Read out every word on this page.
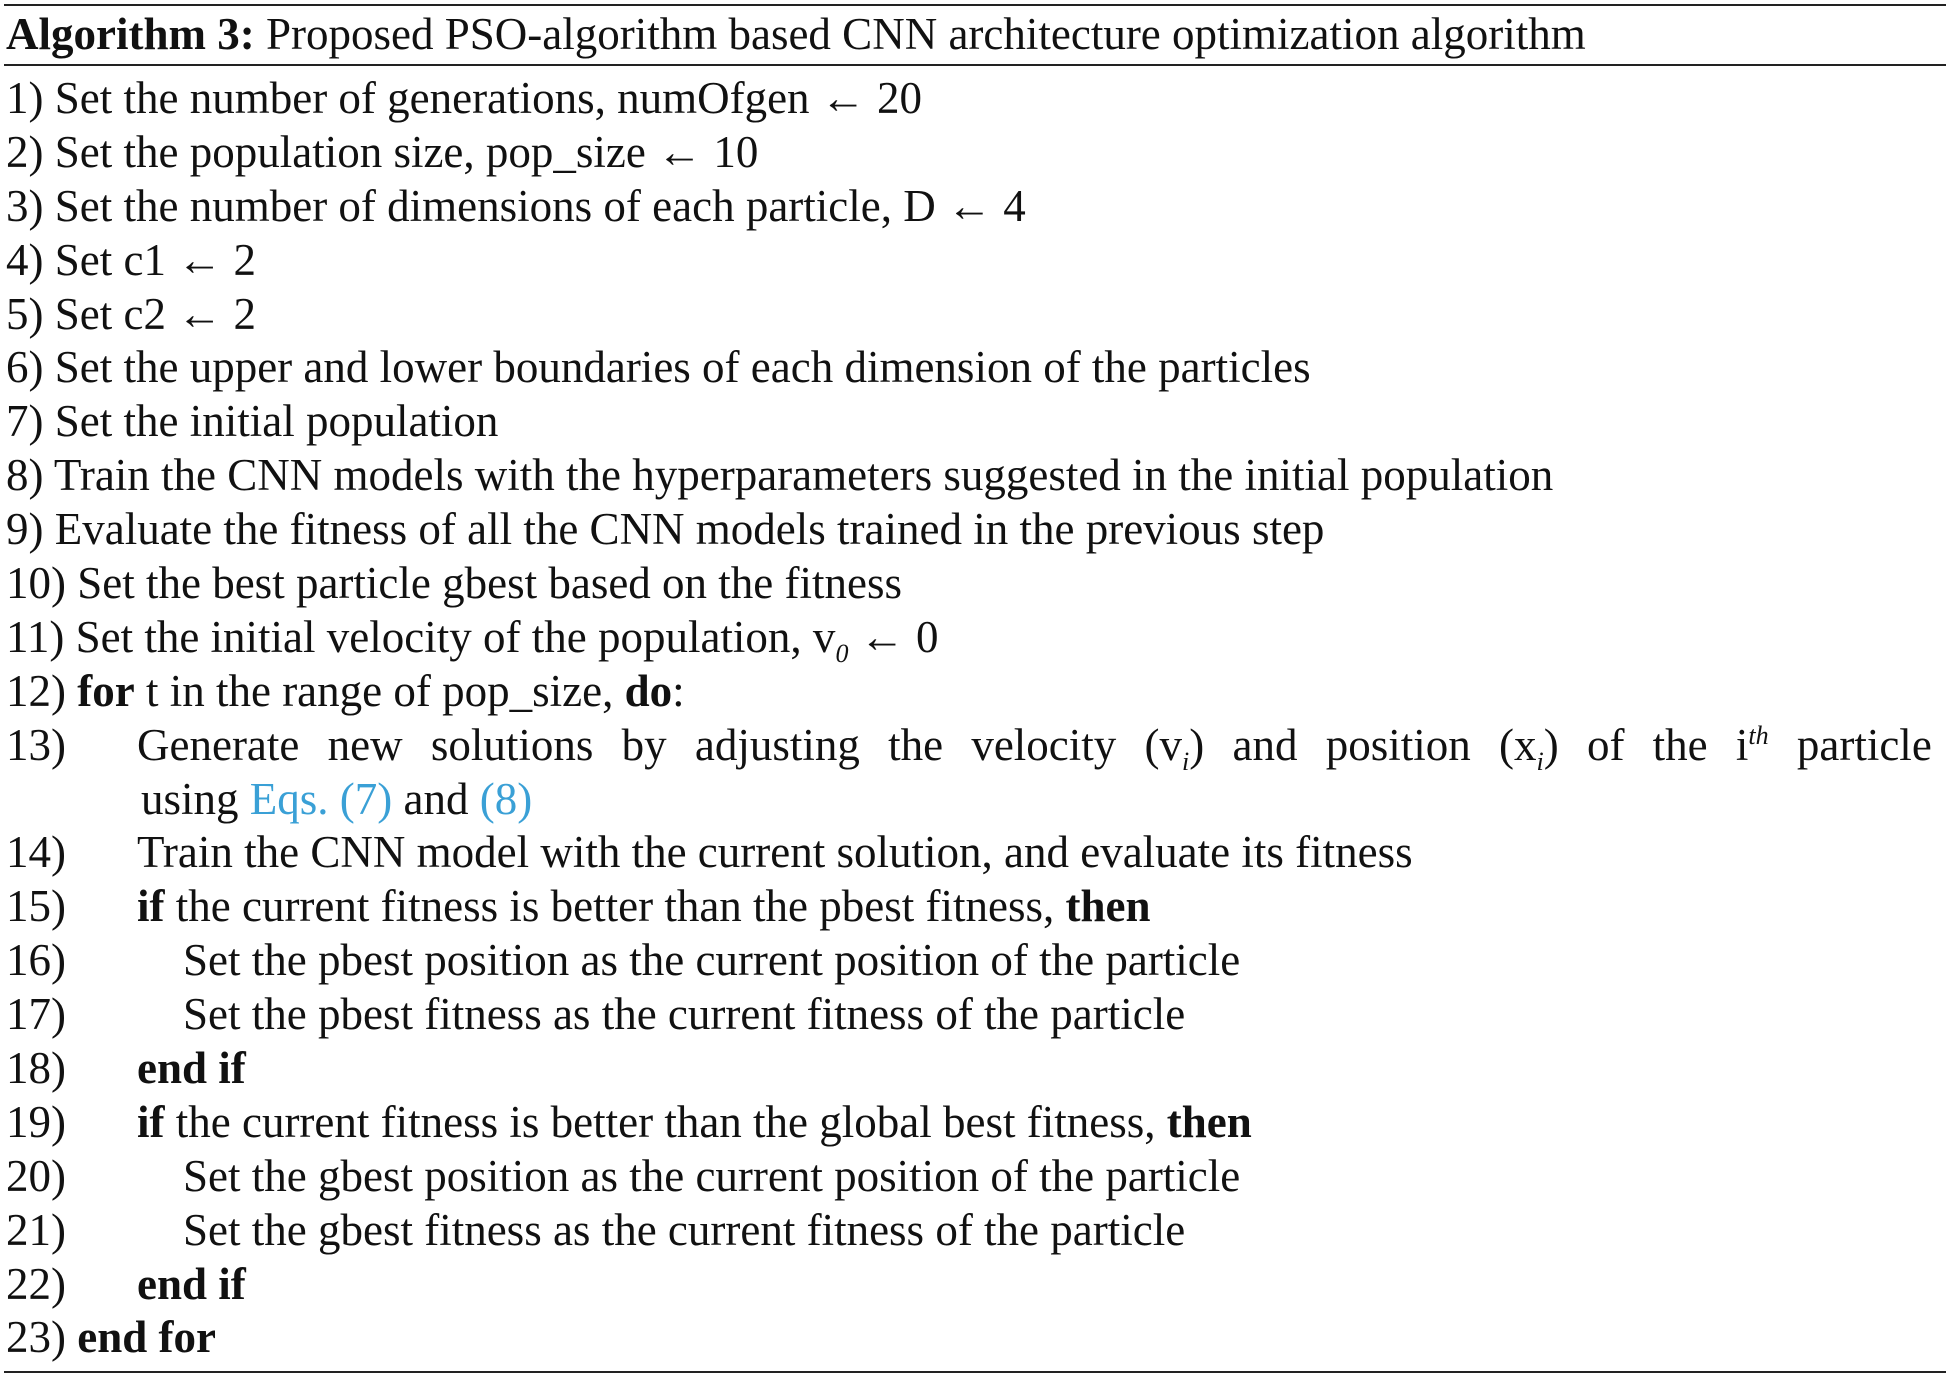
Algorithm 3: Proposed PSO-algorithm based CNN architecture optimization algorithm
1) Set the number of generations, numOfgen ← 20
2) Set the population size, pop_size ← 10
3) Set the number of dimensions of each particle, D ← 4
4) Set c1 ← 2
5) Set c2 ← 2
6) Set the upper and lower boundaries of each dimension of the particles
7) Set the initial population
8) Train the CNN models with the hyperparameters suggested in the initial population
9) Evaluate the fitness of all the CNN models trained in the previous step
10) Set the best particle gbest based on the fitness
11) Set the initial velocity of the population, $v_0$ ← 0
12) for t in the range of pop_size, do:
13) Generate new solutions by adjusting the velocity $(v_i)$ and position $(x_i)$ of the $i^{th}$ particle
using Eqs. (7) and (8)
14) Train the CNN model with the current solution, and evaluate its fitness
15) if the current fitness is better than the pbest fitness, then
16)	Set the pbest position as the current position of the particle
17)	Set the pbest fitness as the current fitness of the particle
18) end if
19) if the current fitness is better than the global best fitness, then
20)	Set the gbest position as the current position of the particle
21)	Set the gbest fitness as the current fitness of the particle
22) end if
23) end for
